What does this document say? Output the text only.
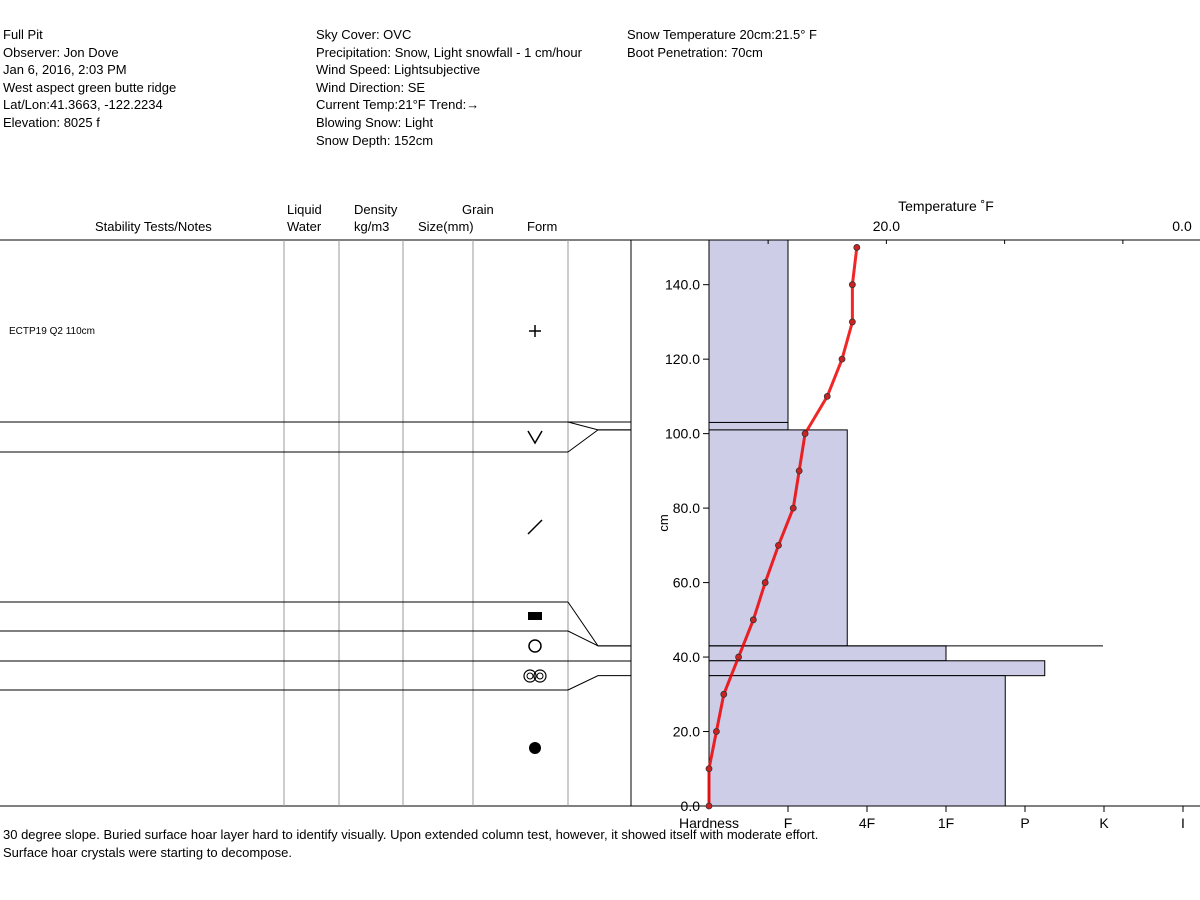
Full Pit
Observer: Jon Dove
Jan 6, 2016, 2:03 PM
West aspect green butte ridge
Lat/Lon:41.3663, -122.2234
Elevation: 8025 f
Sky Cover: OVC
Precipitation: Snow, Light snowfall - 1 cm/hour
Wind Speed: Lightsubjective
Wind Direction: SE
Current Temp:21°F Trend:→
Blowing Snow: Light
Snow Depth: 152cm
Snow Temperature 20cm:21.5° F
Boot Penetration: 70cm
Stability Tests/Notes
Liquid
Water
Density
kg/m3
Grain
Size(mm)	Form
0.0
20.0
40.0
60.0
80.0
100.0
120.0
140.0
cm
Hardness	F	4F	1F	P	K	I
20.0	0.0
Temperature ˚F
ECTP19 Q2 110cm
30 degree slope. Buried surface hoar layer hard to identify visually. Upon extended column test, however, it showed itself with moderate effort. Surface hoar crystals were starting to decompose.
